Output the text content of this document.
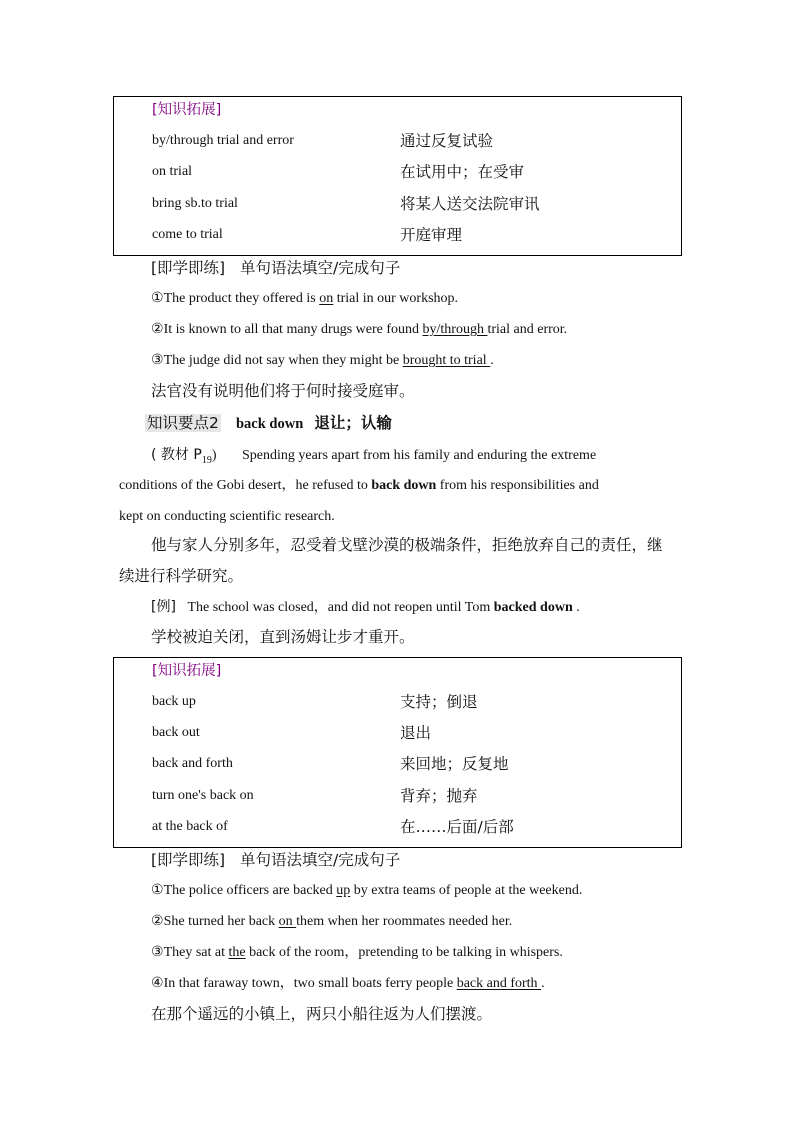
[知识拓展]
by/through trial and error	通过反复试验
on trial	在试用中；在受审
bring sb.to trial	将某人送交法院审讯
come to trial	开庭审理
[即学即练] 单句语法填空/完成句子
①The product they offered is on trial in our workshop.
②It is known to all that many drugs were found by/through trial and error.
③The judge did not say when they might be brought to trial .
法官没有说明他们将于何时接受庭审。
知识要点2 back down 退让；认输
( 教材 $P_{19}$) Spending years apart from his family and enduring the extreme
conditions of the Gobi desert，he refused to back down from his responsibilities and
kept on conducting scientific research.
他与家人分别多年，忍受着戈壁沙漠的极端条件，拒绝放弃自己的责任，继
续进行科学研究。
[例] The school was closed，and did not reopen until Tom backed down .
学校被迫关闭，直到汤姆让步才重开。
[知识拓展]
back up	支持；倒退
back out	退出
back and forth	来回地；反复地
turn one's back on	背弃；抛弃
at the back of	在……后面/后部
[即学即练] 单句语法填空/完成句子
①The police officers are backed up by extra teams of people at the weekend.
②She turned her back on them when her roommates needed her.
③They sat at the back of the room，pretending to be talking in whispers.
④In that faraway town，two small boats ferry people back and forth .
在那个遥远的小镇上，两只小船往返为人们摆渡。
